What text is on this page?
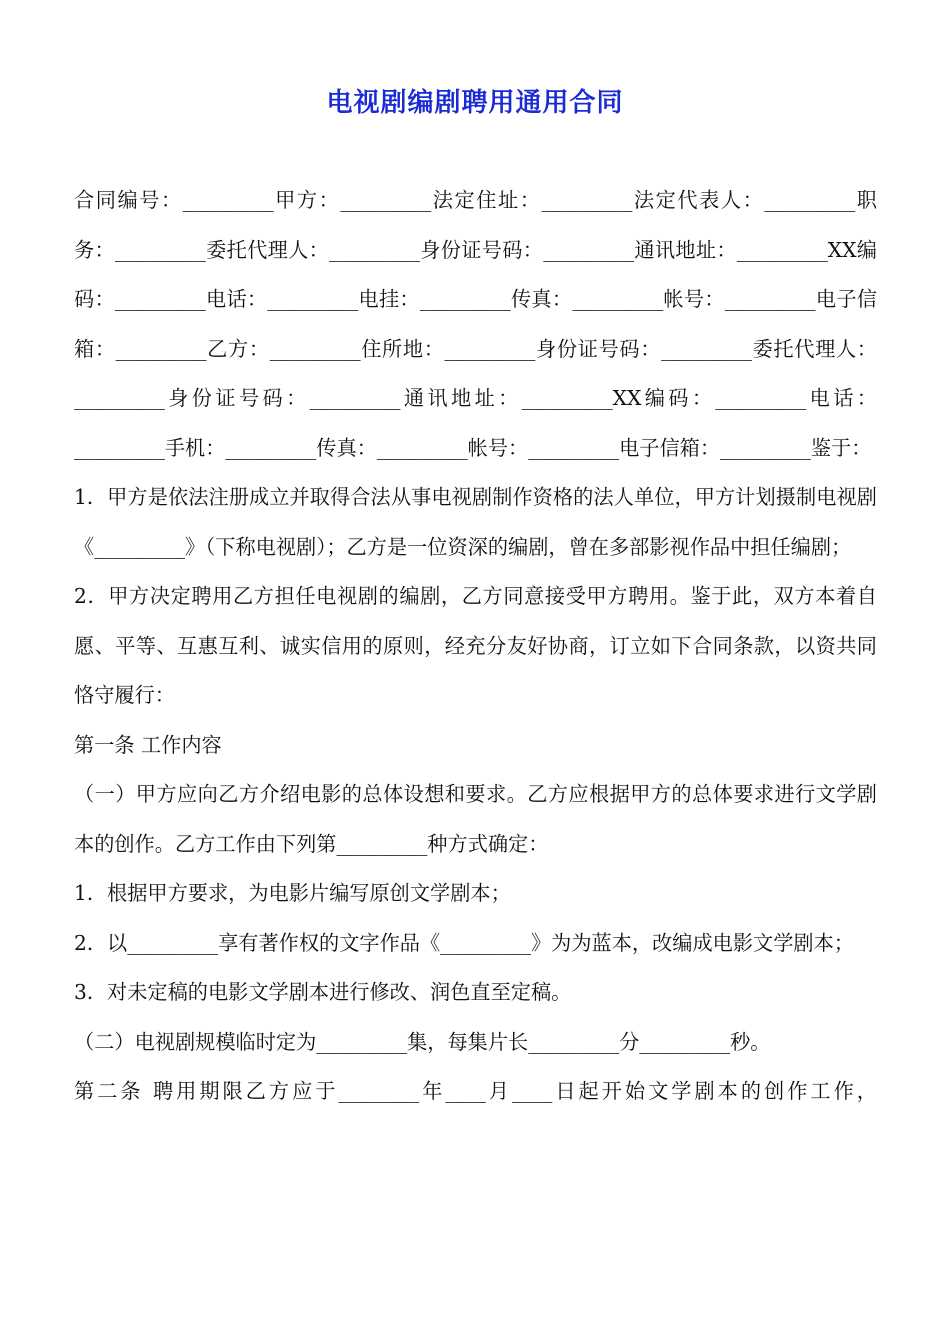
电视剧编剧聘用通用合同

合同编号：_________甲方：_________法定住址：_________法定代表人：_________职务：_________委托代理人：_________身份证号码：_________通讯地址：_________XX编码：_________电话：_________电挂：_________传真：_________帐号：_________电子信箱：_________乙方：_________住所地：_________身份证号码：_________委托代理人：_________身份证号码：_________通讯地址：_________XX编码：_________电话：_________手机：_________传真：_________帐号：_________电子信箱：_________鉴于：

1．甲方是依法注册成立并取得合法从事电视剧制作资格的法人单位，甲方计划摄制电视剧《_________》（下称电视剧）；乙方是一位资深的编剧，曾在多部影视作品中担任编剧；

2．甲方决定聘用乙方担任电视剧的编剧，乙方同意接受甲方聘用。鉴于此，双方本着自愿、平等、互惠互利、诚实信用的原则，经充分友好协商，订立如下合同条款，以资共同恪守履行：

第一条 工作内容

（一）甲方应向乙方介绍电影的总体设想和要求。乙方应根据甲方的总体要求进行文学剧本的创作。乙方工作由下列第_________种方式确定：

1．根据甲方要求，为电影片编写原创文学剧本；

2．以_________享有著作权的文字作品《_________》为为蓝本，改编成电影文学剧本；

3．对未定稿的电影文学剧本进行修改、润色直至定稿。

（二）电视剧规模临时定为_________集，每集片长_________分_________秒。

第二条 聘用期限乙方应于________年____月____日起开始文学剧本的创作工作，
